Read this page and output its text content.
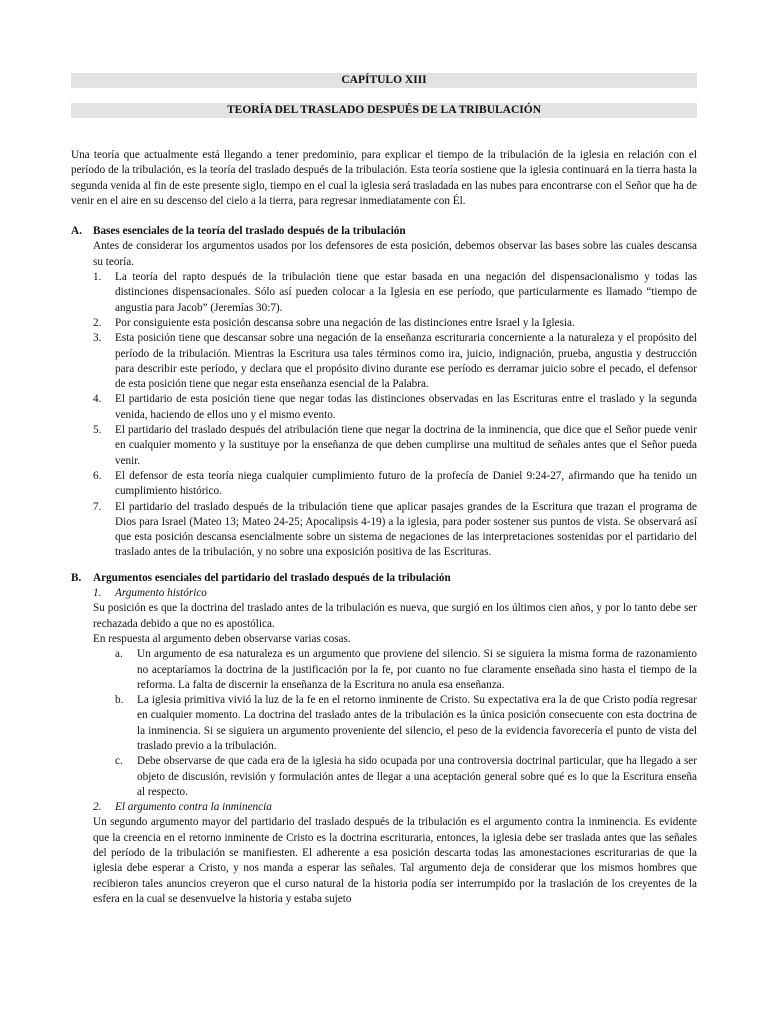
CAPÍTULO XIII
TEORÍA DEL TRASLADO DESPUÉS DE LA TRIBULACIÓN

Una teoría que actualmente está llegando a tener predominio, para explicar el tiempo de la tribulación de la iglesia en relación con el período de la tribulación, es la teoría del traslado después de la tribulación. Esta teoría sostiene que la iglesia continuará en la tierra hasta la segunda venida al fin de este presente siglo, tiempo en el cual la iglesia será trasladada en las nubes para encontrarse con el Señor que ha de venir en el aire en su descenso del cielo a la tierra, para regresar inmediatamente con Él.

A. Bases esenciales de la teoría del traslado después de la tribulación

Antes de considerar los argumentos usados por los defensores de esta posición, debemos observar las bases sobre las cuales descansa su teoría.

1. La teoría del rapto después de la tribulación tiene que estar basada en una negación del dispensacionalismo y todas las distinciones dispensacionales. Sólo así pueden colocar a la Iglesia en ese período, que particularmente es llamado “tiempo de angustia para Jacob” (Jeremías 30:7).
2. Por consiguiente esta posición descansa sobre una negación de las distinciones entre Israel y la Iglesia.
3. Esta posición tiene que descansar sobre una negación de la enseñanza escrituraria concerniente a la naturaleza y el propósito del período de la tribulación. Mientras la Escritura usa tales términos como ira, juicio, indignación, prueba, angustia y destrucción para describir este período, y declara que el propósito divino durante ese período es derramar juicio sobre el pecado, el defensor de esta posición tiene que negar esta enseñanza esencial de la Palabra.
4. El partidario de esta posición tiene que negar todas las distinciones observadas en las Escrituras entre el traslado y la segunda venida, haciendo de ellos uno y el mismo evento.
5. El partidario del traslado después del atribulación tiene que negar la doctrina de la inminencia, que dice que el Señor puede venir en cualquier momento y la sustituye por la enseñanza de que deben cumplirse una multitud de señales antes que el Señor pueda venir.
6. El defensor de esta teoría niega cualquier cumplimiento futuro de la profecía de Daniel 9:24-27, afirmando que ha tenido un cumplimiento histórico.
7. El partidario del traslado después de la tribulación tiene que aplicar pasajes grandes de la Escritura que trazan el programa de Dios para Israel (Mateo 13; Mateo 24-25; Apocalipsis 4-19) a la iglesia, para poder sostener sus puntos de vista. Se observará así que esta posición descansa esencialmente sobre un sistema de negaciones de las interpretaciones sostenidas por el partidario del traslado antes de la tribulación, y no sobre una exposición positiva de las Escrituras.
B. Argumentos esenciales del partidario del traslado después de la tribulación
1. Argumento histórico

Su posición es que la doctrina del traslado antes de la tribulación es nueva, que surgió en los últimos cien años, y por lo tanto debe ser rechazada debido a que no es apostólica.

En respuesta al argumento deben observarse varias cosas.

a. Un argumento de esa naturaleza es un argumento que proviene del silencio. Si se siguiera la misma forma de razonamiento no aceptaríamos la doctrina de la justificación por la fe, por cuanto no fue claramente enseñada sino hasta el tiempo de la reforma. La falta de discernir la enseñanza de la Escritura no anula esa enseñanza.
b. La iglesia primitiva vivió la luz de la fe en el retorno inminente de Cristo. Su expectativa era la de que Cristo podía regresar en cualquier momento. La doctrina del traslado antes de la tribulación es la única posición consecuente con esta doctrina de la inminencia. Si se siguiera un argumento proveniente del silencio, el peso de la evidencia favorecería el punto de vista del traslado previo a la tribulación.
c. Debe observarse de que cada era de la iglesia ha sido ocupada por una controversia doctrinal particular, que ha llegado a ser objeto de discusión, revisión y formulación antes de llegar a una aceptación general sobre qué es lo que la Escritura enseña al respecto.
2. El argumento contra la inminencia

Un segundo argumento mayor del partidario del traslado después de la tribulación es el argumento contra la inminencia. Es evidente que la creencia en el retorno inminente de Cristo es la doctrina escrituraria, entonces, la iglesia debe ser traslada antes que las señales del período de la tribulación se manifiesten. El adherente a esa posición descarta todas las amonestaciones escriturarias de que la iglesia debe esperar a Cristo, y nos manda a esperar las señales. Tal argumento deja de considerar que los mismos hombres que recibieron tales anuncios creyeron que el curso natural de la historia podía ser interrumpido por la traslación de los creyentes de la esfera en la cual se desenvuelve la historia y estaba sujeto
